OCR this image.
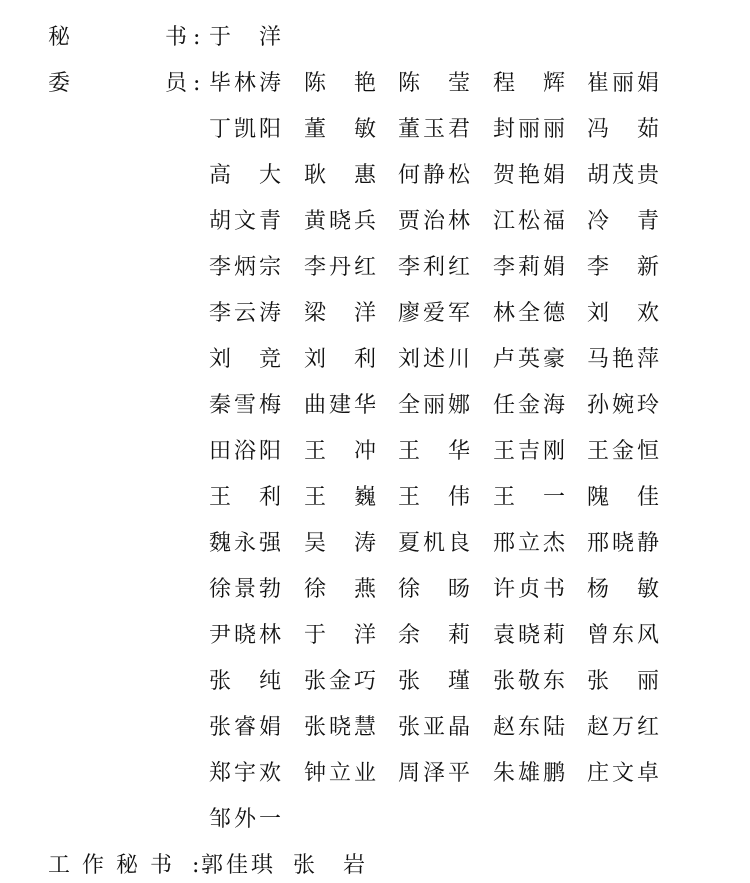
秘	书 : 于　洋
委	员 : 毕林涛 陈　艳 陈　莹 程　辉 崔丽娟
丁凯阳 董　敏 董玉君 封丽丽 冯　茹
高　大 耿　惠 何静松 贺艳娟 胡茂贵
胡文青 黄晓兵 贾治林 江松福 冷　青
李炳宗 李丹红 李利红 李莉娟 李　新
李云涛 梁　洋 廖爱军 林全德 刘　欢
刘　竞 刘　利 刘述川 卢英豪 马艳萍
秦雪梅 曲建华 全丽娜 任金海 孙婉玲
田浴阳 王　冲 王　华 王吉刚 王金恒
王　利 王　巍 王　伟 王　一 隗　佳
魏永强 吴　涛 夏机良 邢立杰 邢晓静
徐景勃 徐　燕 徐　旸 许贞书 杨　敏
尹晓林 于　洋 余　莉 袁晓莉 曾东风
张　纯 张金巧 张　瑾 张敬东 张　丽
张睿娟 张晓慧 张亚晶 赵东陆 赵万红
郑宇欢 钟立业 周泽平 朱雄鹏 庄文卓
邹外一
工作秘书 : 郭佳琪 张　岩
